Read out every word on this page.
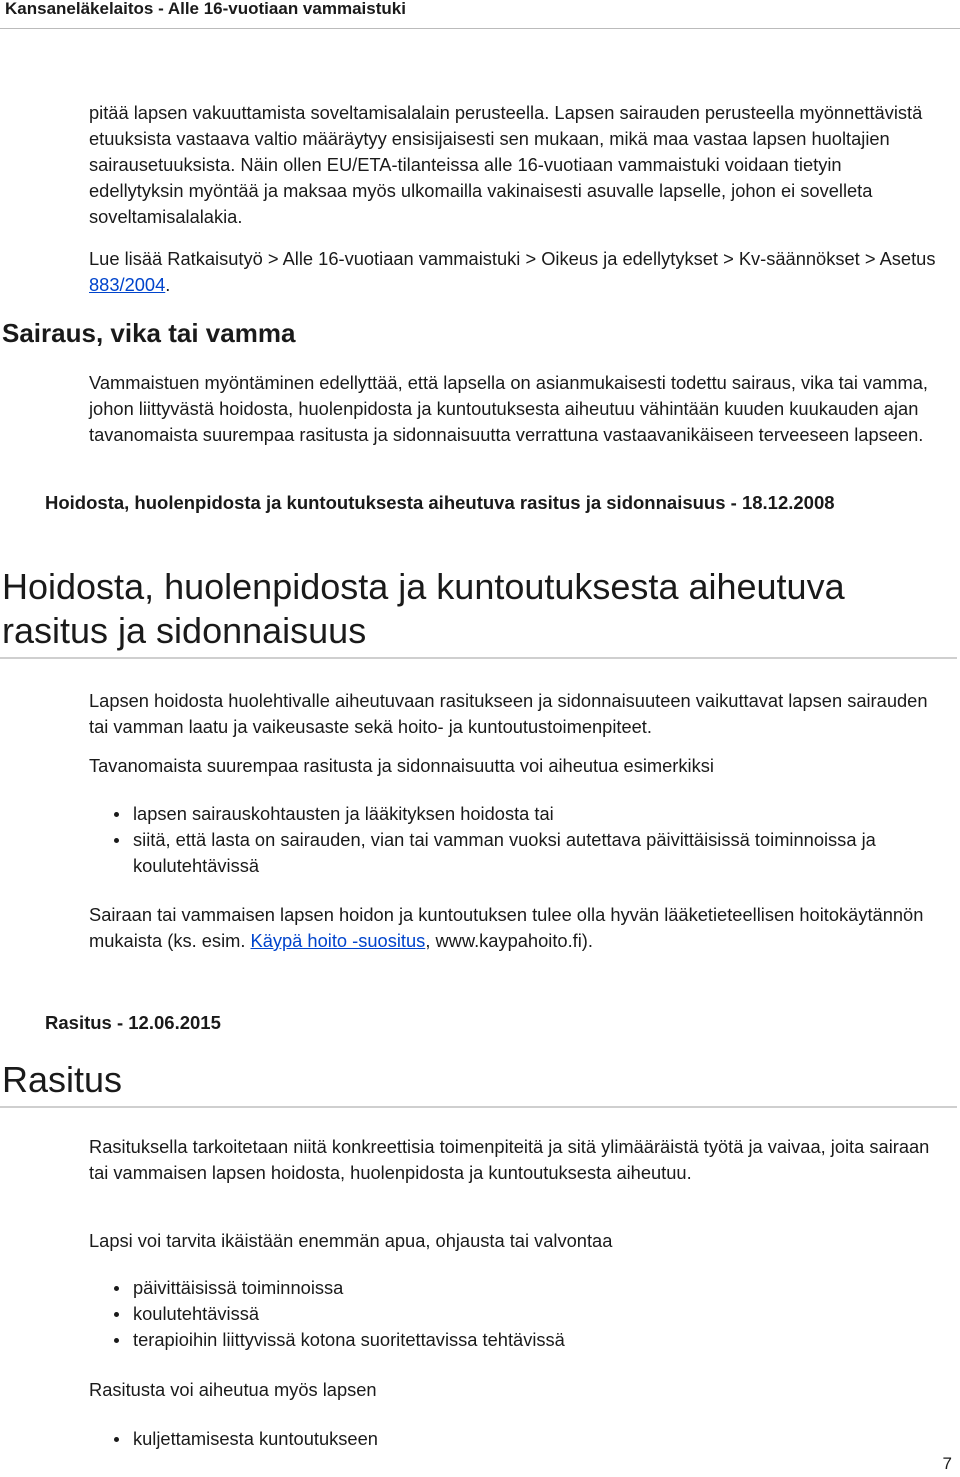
Kansaneläkelaitos - Alle 16-vuotiaan vammaistuki

pitää lapsen vakuuttamista soveltamisalalain perusteella. Lapsen sairauden perusteella myönnettävistä etuuksista vastaava valtio määräytyy ensisijaisesti sen mukaan, mikä maa vastaa lapsen huoltajien sairausetuuksista. Näin ollen EU/ETA-tilanteissa alle 16-vuotiaan vammaistuki voidaan tietyin edellytyksin myöntää ja maksaa myös ulkomailla vakinaisesti asuvalle lapselle, johon ei sovelleta soveltamisalalakia.

Lue lisää Ratkaisutyö > Alle 16-vuotiaan vammaistuki > Oikeus ja edellytykset > Kv-säännökset > Asetus 883/2004.

Sairaus, vika tai vamma

Vammaistuen myöntäminen edellyttää, että lapsella on asianmukaisesti todettu sairaus, vika tai vamma, johon liittyvästä hoidosta, huolenpidosta ja kuntoutuksesta aiheutuu vähintään kuuden kuukauden ajan tavanomaista suurempaa rasitusta ja sidonnaisuutta verrattuna vastaavanikäiseen terveeseen lapseen.

Hoidosta, huolenpidosta ja kuntoutuksesta aiheutuva rasitus ja sidonnaisuus - 18.12.2008
Hoidosta, huolenpidosta ja kuntoutuksesta aiheutuva rasitus ja sidonnaisuus

Lapsen hoidosta huolehtivalle aiheutuvaan rasitukseen ja sidonnaisuuteen vaikuttavat lapsen sairauden tai vamman laatu ja vaikeusaste sekä hoito- ja kuntoutustoimenpiteet.

Tavanomaista suurempaa rasitusta ja sidonnaisuutta voi aiheutua esimerkiksi

lapsen sairauskohtausten ja lääkityksen hoidosta tai
siitä, että lasta on sairauden, vian tai vamman vuoksi autettava päivittäisissä toiminnoissa ja koulutehtävissä

Sairaan tai vammaisen lapsen hoidon ja kuntoutuksen tulee olla hyvän lääketieteellisen hoitokäytännön mukaista (ks. esim. Käypä hoito -suositus, www.kaypahoito.fi).

Rasitus - 12.06.2015
Rasitus

Rasituksella tarkoitetaan niitä konkreettisia toimenpiteitä ja sitä ylimääräistä työtä ja vaivaa, joita sairaan tai vammaisen lapsen hoidosta, huolenpidosta ja kuntoutuksesta aiheutuu.

Lapsi voi tarvita ikäistään enemmän apua, ohjausta tai valvontaa

päivittäisissä toiminnoissa
koulutehtävissä
terapioihin liittyvissä kotona suoritettavissa tehtävissä

Rasitusta voi aiheutua myös lapsen

kuljettamisesta kuntoutukseen
7
